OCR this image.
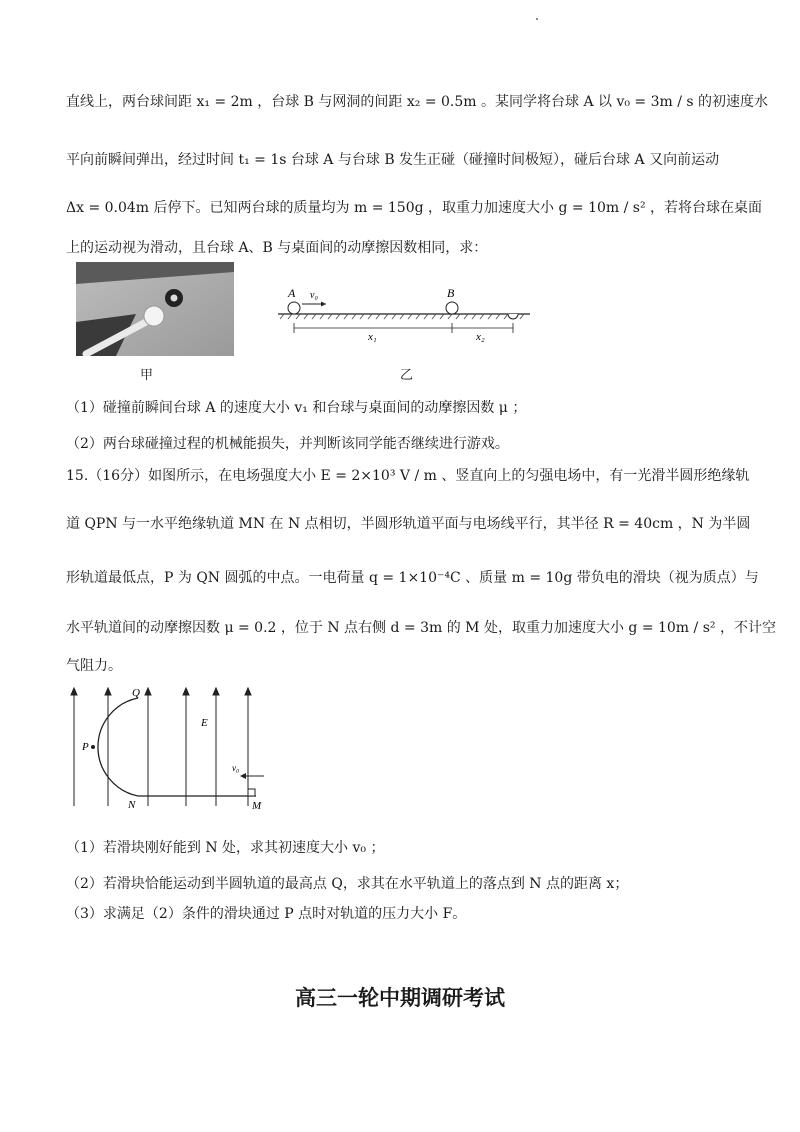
直线上，两台球间距 x₁ = 2m ，台球 B 与网洞的间距 x₂ = 0.5m 。某同学将台球 A 以 v₀ = 3m / s 的初速度水
平向前瞬间弹出，经过时间 t₁ = 1s 台球 A 与台球 B 发生正碰（碰撞时间极短），碰后台球 A 又向前运动
Δx = 0.04m 后停下。已知两台球的质量均为 m = 150g ，取重力加速度大小 g = 10m / s² ，若将台球在桌面
上的运动视为滑动，且台球 A、B 与桌面间的动摩擦因数相同，求：
甲
A v₀	B
x₁	x₂
乙
（1）碰撞前瞬间台球 A 的速度大小 v₁ 和台球与桌面间的动摩擦因数 μ ；
（2）两台球碰撞过程的机械能损失，并判断该同学能否继续进行游戏。
15.（16分）如图所示，在电场强度大小 E = 2×10³ V / m 、竖直向上的匀强电场中，有一光滑半圆形绝缘轨
道 QPN 与一水平绝缘轨道 MN 在 N 点相切，半圆形轨道平面与电场线平行，其半径 R = 40cm ，N 为半圆
形轨道最低点，P 为 QN 圆弧的中点。一电荷量 q = 1×10⁻⁴C 、质量 m = 10g 带负电的滑块（视为质点）与
水平轨道间的动摩擦因数 μ = 0.2 ，位于 N 点右侧 d = 3m 的 M 处，取重力加速度大小 g = 10m / s² ，不计空
气阻力。
Q
P
E
v₀
N	M
（1）若滑块刚好能到 N 处，求其初速度大小 v₀ ；
（2）若滑块恰能运动到半圆轨道的最高点 Q，求其在水平轨道上的落点到 N 点的距离 x；
（3）求满足（2）条件的滑块通过 P 点时对轨道的压力大小 F。
高三一轮中期调研考试
